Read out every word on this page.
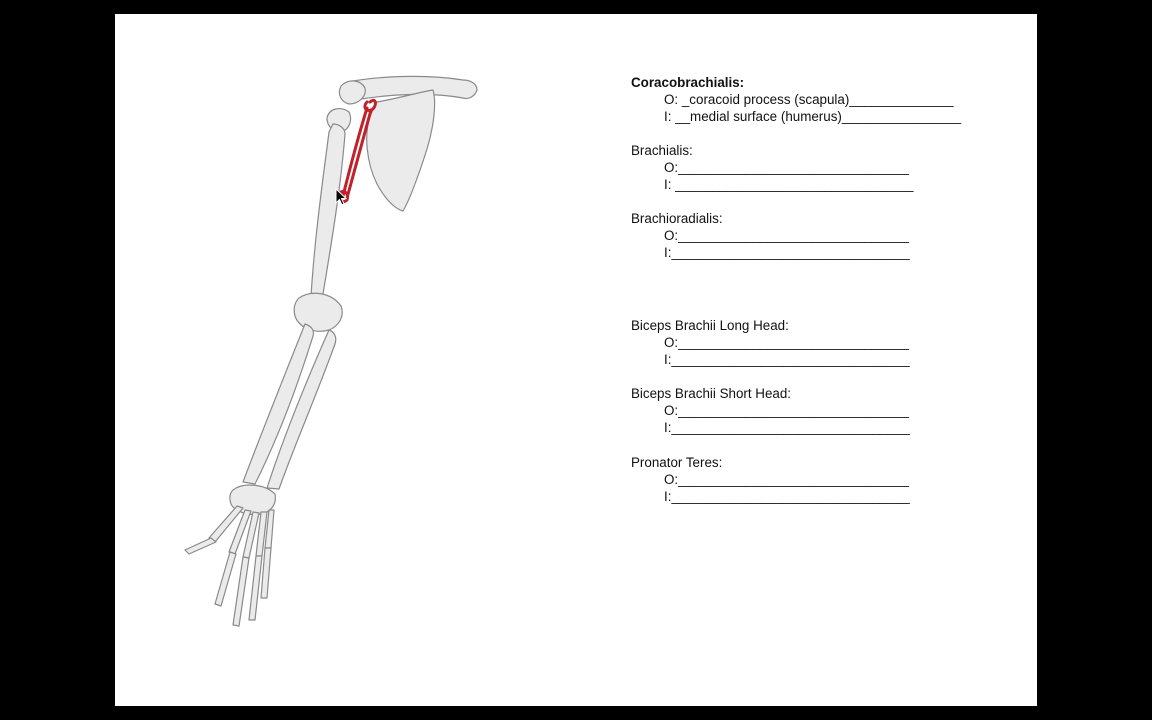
Coracobrachialis:

O: _coracoid process (scapula)______________
I: __medial surface (humerus)________________

Brachialis:

O:_______________________________
I: ________________________________

Brachioradialis:

O:_______________________________
I:________________________________

Biceps Brachii Long Head:

O:_______________________________
I:________________________________

Biceps Brachii Short Head:

O:_______________________________
I:________________________________

Pronator Teres:

O:_______________________________
I:________________________________
